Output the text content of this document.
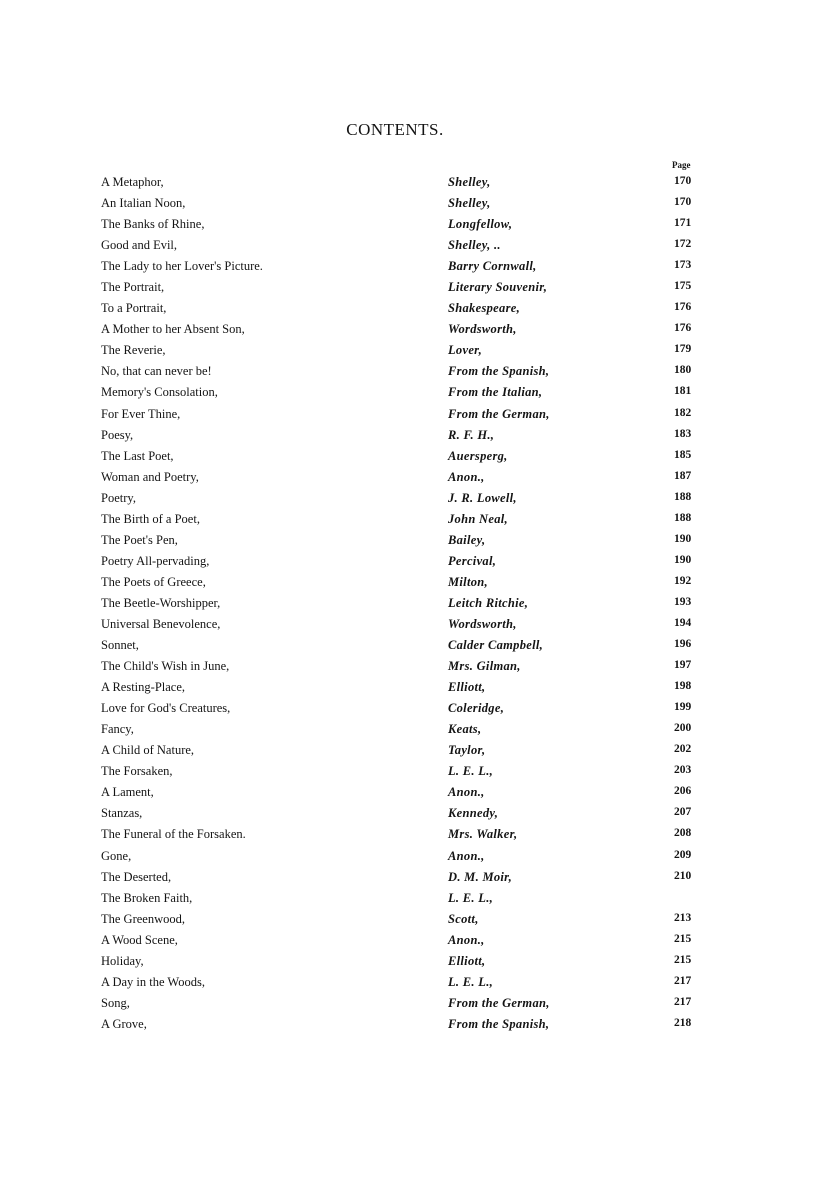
CONTENTS.
Page
A Metaphor,	Shelley,	170
An Italian Noon,	Shelley,	170
The Banks of Rhine,	Longfellow,	171
Good and Evil,	Shelley, ..	172
The Lady to her Lover's Picture.	Barry Cornwall,	173
The Portrait,	Literary Souvenir,	175
To a Portrait,	Shakespeare,	176
A Mother to her Absent Son,	Wordsworth,	176
The Reverie,	Lover,	179
No, that can never be!	From the Spanish,	180
Memory's Consolation,	From the Italian,	181
For Ever Thine,	From the German,	182
Poesy,	R. F. H.,	183
The Last Poet,	Auersperg,	185
Woman and Poetry,	Anon.,	187
Poetry,	J. R. Lowell,	188
The Birth of a Poet,	John Neal,	188
The Poet's Pen,	Bailey,	190
Poetry All-pervading,	Percival,	190
The Poets of Greece,	Milton,	192
The Beetle-Worshipper,	Leitch Ritchie,	193
Universal Benevolence,	Wordsworth,	194
Sonnet,	Calder Campbell,	196
The Child's Wish in June,	Mrs. Gilman,	197
A Resting-Place,	Elliott,	198
Love for God's Creatures,	Coleridge,	199
Fancy,	Keats,	200
A Child of Nature,	Taylor,	202
The Forsaken,	L. E. L.,	203
A Lament,	Anon.,	206
Stanzas,	Kennedy,	207
The Funeral of the Forsaken.	Mrs. Walker,	208
Gone,	Anon.,	209
The Deserted,	D. M. Moir,	210
The Broken Faith,	L. E. L.,
The Greenwood,	Scott,	213
A Wood Scene,	Anon.,	215
Holiday,	Elliott,	215
A Day in the Woods,	L. E. L.,	217
Song,	From the German,	217
A Grove,	From the Spanish,	218
